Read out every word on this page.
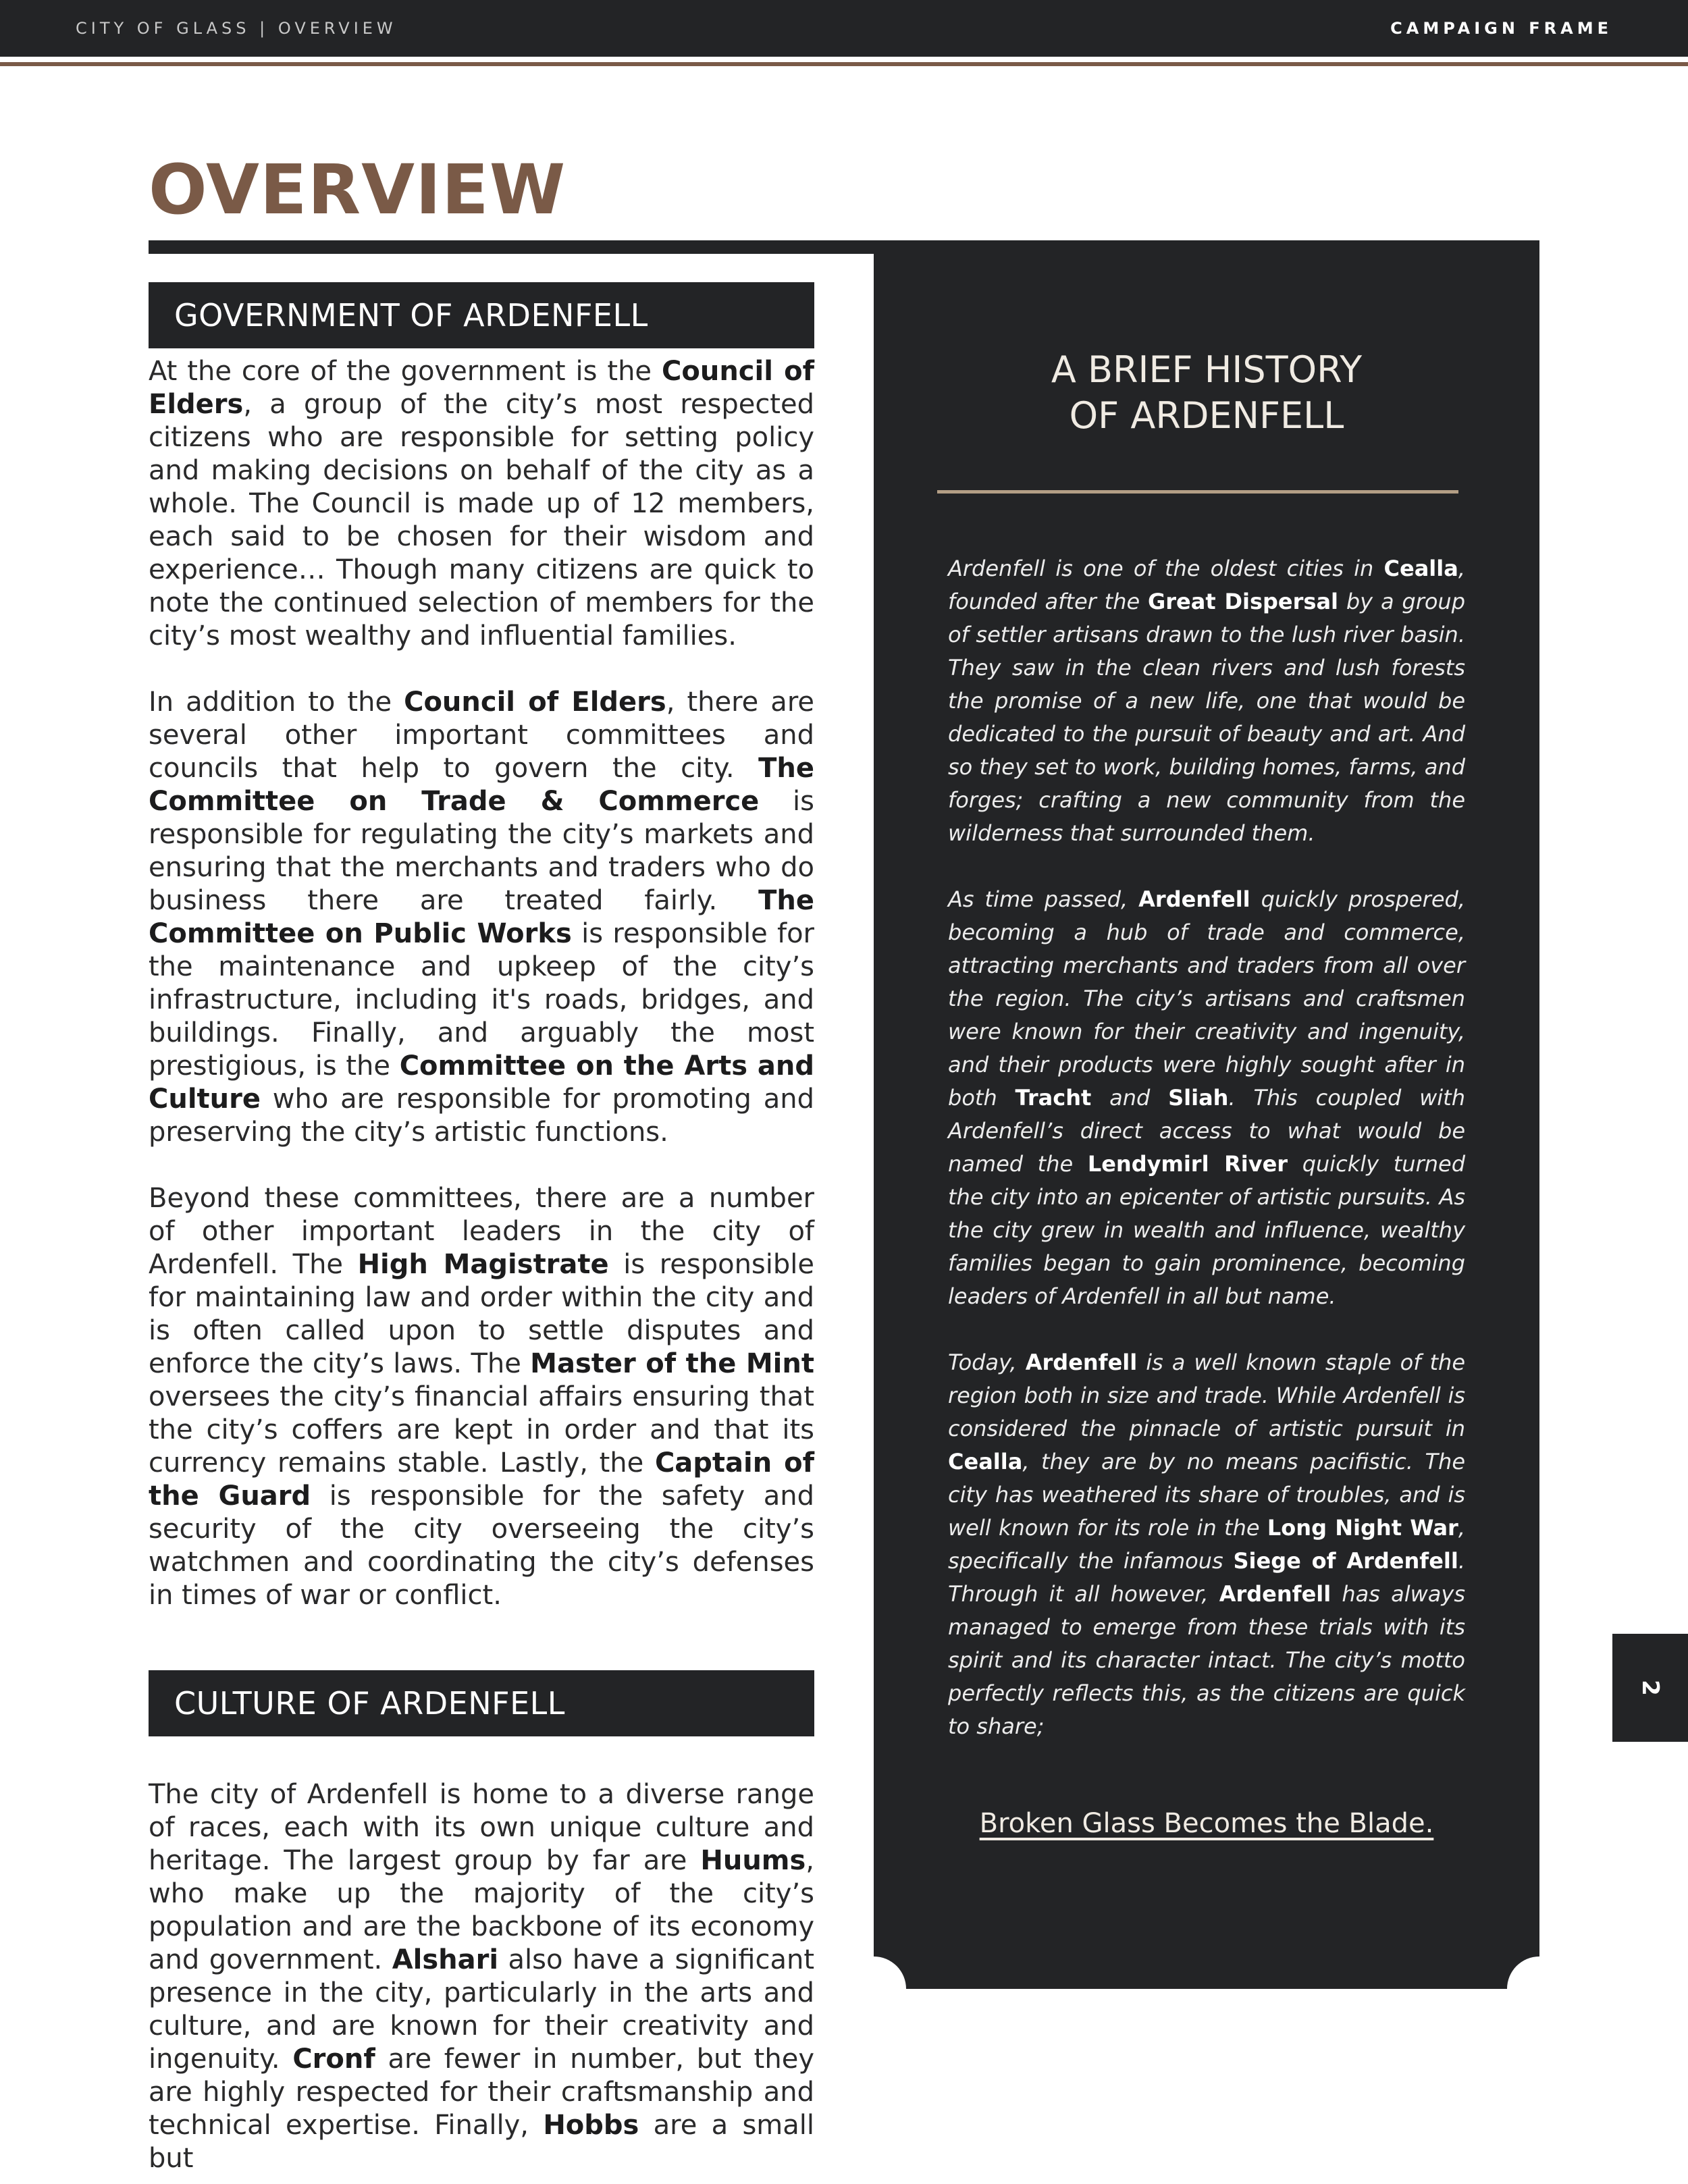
CITY OF GLASS | OVERVIEW	CAMPAIGN FRAME
OVERVIEW
GOVERNMENT OF ARDENFELL
At the core of the government is the Council of Elders, a group of the city’s most respected citizens who are responsible for setting policy and making decisions on behalf of the city as a whole. The Council is made up of 12 members, each said to be chosen for their wisdom and experience… Though many citizens are quick to note the continued selection of members for the city’s most wealthy and influential families.
In addition to the Council of Elders, there are several other important committees and councils that help to govern the city. The Committee on Trade & Commerce is responsible for regulating the city’s markets and ensuring that the merchants and traders who do business there are treated fairly. The Committee on Public Works is responsible for the maintenance and upkeep of the city’s infrastructure, including it's roads, bridges, and buildings. Finally, and arguably the most prestigious, is the Committee on the Arts and Culture who are responsible for promoting and preserving the city’s artistic functions.
Beyond these committees, there are a number of other important leaders in the city of Ardenfell. The High Magistrate is responsible for maintaining law and order within the city and is often called upon to settle disputes and enforce the city’s laws. The Master of the Mint oversees the city’s financial affairs ensuring that the city’s coffers are kept in order and that its currency remains stable. Lastly, the Captain of the Guard is responsible for the safety and security of the city overseeing the city’s watchmen and coordinating the city’s defenses in times of war or conflict.
CULTURE OF ARDENFELL
The city of Ardenfell is home to a diverse range of races, each with its own unique culture and heritage. The largest group by far are Huums, who make up the majority of the city’s population and are the backbone of its economy and government. Alshari also have a significant presence in the city, particularly in the arts and culture, and are known for their creativity and ingenuity. Cronf are fewer in number, but they are highly respected for their craftsmanship and technical expertise. Finally, Hobbs are a small but
A BRIEF HISTORY
OF ARDENFELL

Ardenfell is one of the oldest cities in Cealla, founded after the Great Dispersal by a group of settler artisans drawn to the lush river basin. They saw in the clean rivers and lush forests the promise of a new life, one that would be dedicated to the pursuit of beauty and art. And so they set to work, building homes, farms, and forges; crafting a new community from the wilderness that surrounded them.

As time passed, Ardenfell quickly prospered, becoming a hub of trade and commerce, attracting merchants and traders from all over the region. The city’s artisans and craftsmen were known for their creativity and ingenuity, and their products were highly sought after in both Tracht and Sliah. This coupled with Ardenfell’s direct access to what would be named the Lendymirl River quickly turned the city into an epicenter of artistic pursuits. As the city grew in wealth and influence, wealthy families began to gain prominence, becoming leaders of Ardenfell in all but name.

Today, Ardenfell is a well known staple of the region both in size and trade. While Ardenfell is considered the pinnacle of artistic pursuit in Cealla, they are by no means pacifistic. The city has weathered its share of troubles, and is well known for its role in the Long Night War, specifically the infamous Siege of Ardenfell. Through it all however, Ardenfell has always managed to emerge from these trials with its spirit and its character intact. The city’s motto perfectly reflects this, as the citizens are quick to share;

Broken Glass Becomes the Blade.
2
